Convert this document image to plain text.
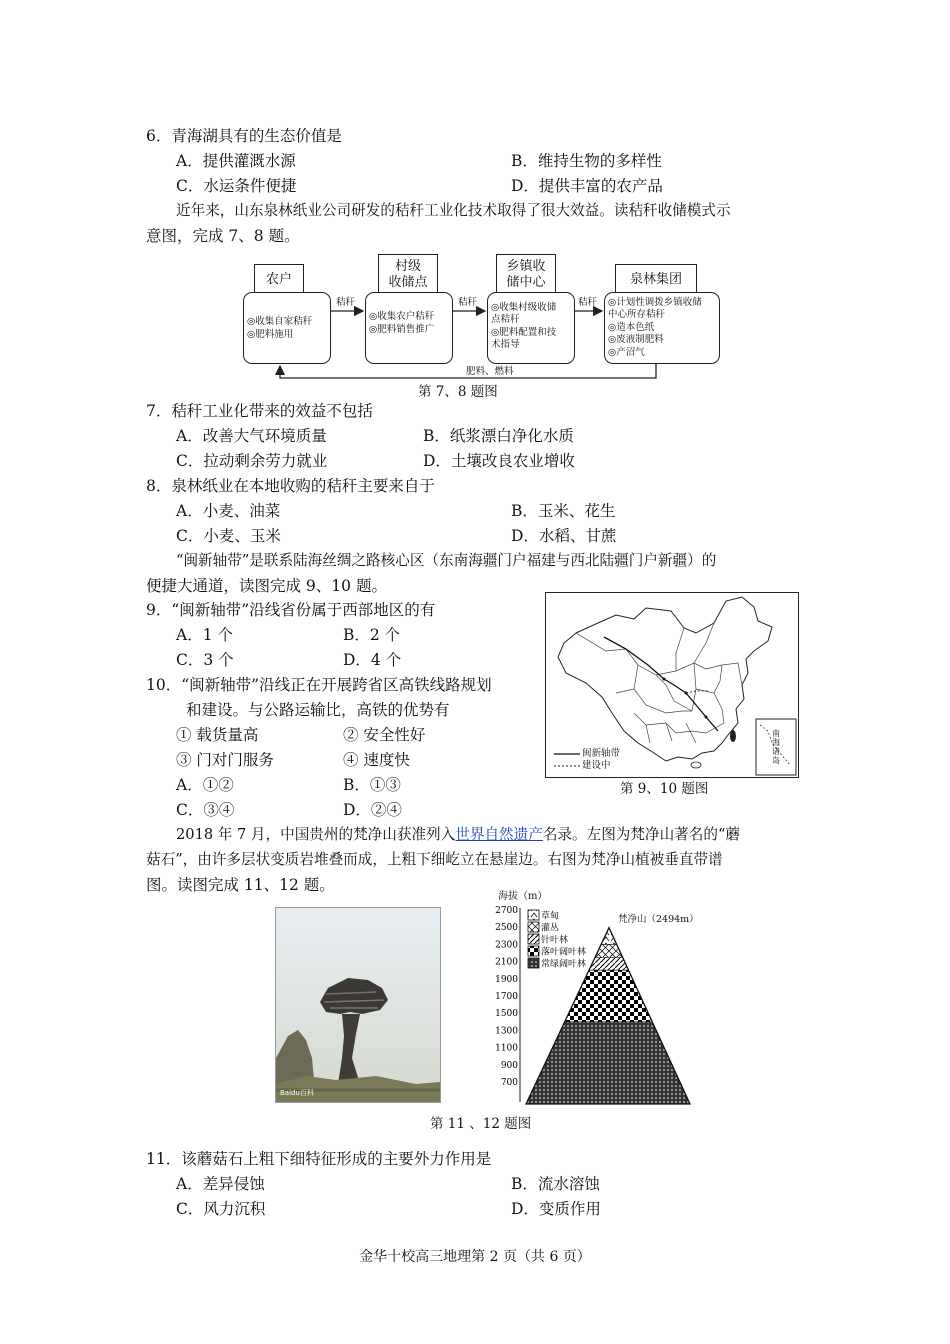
6．青海湖具有的生态价值是
A．提供灌溉水源	B．维持生物的多样性
C．水运条件便捷	D．提供丰富的农产品
近年来，山东泉林纸业公司研发的秸秆工业化技术取得了很大效益。读秸秆收储模式示
意图，完成 7、8 题。
农户
◎收集自家秸秆
◎肥料施用
秸秆
村级
收储点
◎收集农户秸秆
◎肥料销售推广
秸秆
乡镇收
储中心
◎收集村级收储
点秸秆
◎肥料配置和技
术指导
秸秆
泉林集团
◎计划性调拨乡镇收储
中心所存秸秆
◎造本色纸
◎废液制肥料
◎产沼气
肥料、燃料
第 7、8 题图
7．秸秆工业化带来的效益不包括
A．改善大气环境质量	B．纸浆漂白净化水质
C．拉动剩余劳力就业	D．土壤改良农业增收
8．泉林纸业在本地收购的秸秆主要来自于
A．小麦、油菜	B．玉米、花生
C．小麦、玉米	D．水稻、甘蔗
“闽新轴带”是联系陆海丝绸之路核心区（东南海疆门户福建与西北陆疆门户新疆）的
便捷大通道，读图完成 9、10 题。
9．“闽新轴带”沿线省份属于西部地区的有
A．1 个	B．2 个
C．3 个	D．4 个
10．“闽新轴带”沿线正在开展跨省区高铁线路规划
和建设。与公路运输比，高铁的优势有
① 载货量高	② 安全性好
③ 门对门服务	④ 速度快
A．①②	B．①③
C．③④	D．②④
闽新轴带
建设中
南海诸岛
第 9、10 题图
2018 年 7 月，中国贵州的梵净山获准列入世界自然遗产名录。左图为梵净山著名的“蘑
菇石”，由许多层状变质岩堆叠而成，上粗下细屹立在悬崖边。右图为梵净山植被垂直带谱
图。读图完成 11、12 题。
Baidu百科
2700
2500
2300
2100
1900
1700
1500
1300
1100
900
700
草甸
灌丛
针叶林
落叶阔叶林
常绿阔叶林
海拔（m）
梵净山（2494m）
第 11 、12 题图
11．该蘑菇石上粗下细特征形成的主要外力作用是
A．差异侵蚀	B．流水溶蚀
C．风力沉积	D．变质作用
金华十校高三地理第 2 页（共 6 页）
